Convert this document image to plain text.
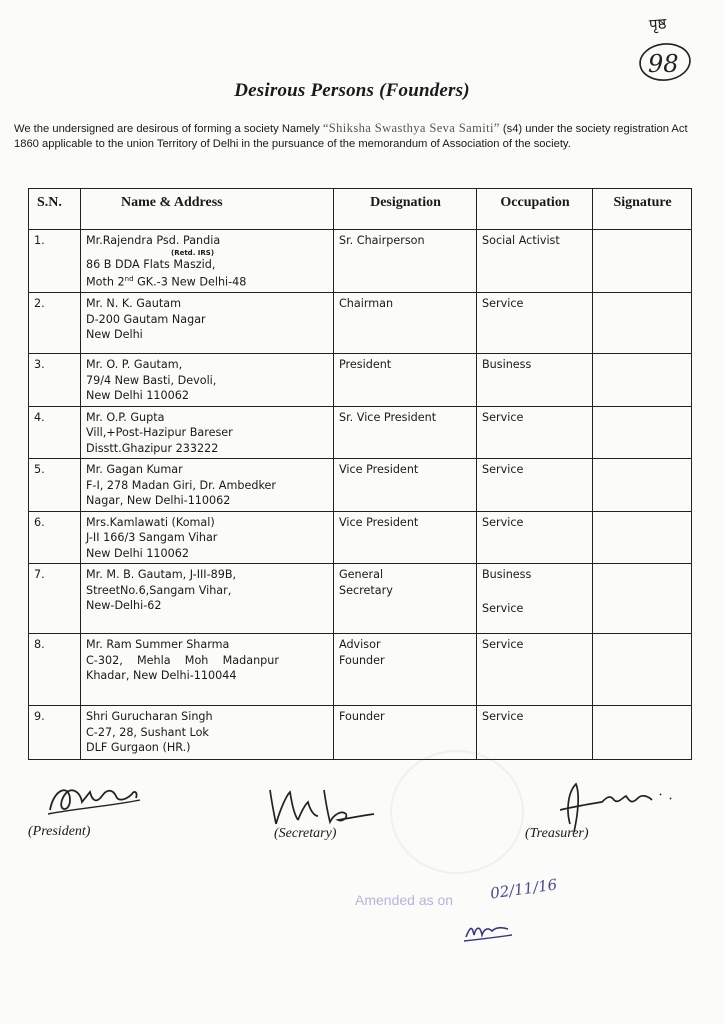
पृष्ठ
98
Desirous Persons (Founders)
We the undersigned are desirous of forming a society Namely “Shiksha Swasthya Seva Samiti” (s4) under the society registration Act 1860 applicable to the union Territory of Delhi in the pursuance of the memorandum of Association of the society.
S.N.	Name & Address	Designation	Occupation	Signature
1.	Mr.Rajendra Psd. Pandia
(Retd. IRS)
86 B DDA Flats Maszid,
Moth 2nd GK.-3 New Delhi-48	Sr. Chairperson	Social Activist	

2.	Mr. N. K. Gautam
D-200 Gautam Nagar
New Delhi	Chairman	Service	

3.	Mr. O. P. Gautam,
79/4 New Basti, Devoli,
New Delhi 110062	President	Business	

4.	Mr. O.P. Gupta
Vill,+Post-Hazipur Bareser
Disstt.Ghazipur 233222	Sr. Vice President	Service	

5.	Mr. Gagan Kumar
F-I, 278 Madan Giri, Dr. Ambedker
Nagar, New Delhi-110062	Vice President	Service	

6.	Mrs.Kamlawati (Komal)
J-II 166/3 Sangam Vihar
New Delhi 110062	Vice President	Service	

7.	Mr. M. B. Gautam, J-III-89B,
StreetNo.6,Sangam Vihar,
New-Delhi-62	General
Secretary	Business
Service	

8.	Mr. Ram Summer Sharma
C-302,    Mehla    Moh    Madanpur
Khadar, New Delhi-110044	Advisor
Founder	Service	

9.	Shri Gurucharan Singh
C-27, 28, Sushant Lok
DLF Gurgaon (HR.)	Founder	Service	

(President)	(Secretary)	(Treasurer)
Amended as on 02/11/16
